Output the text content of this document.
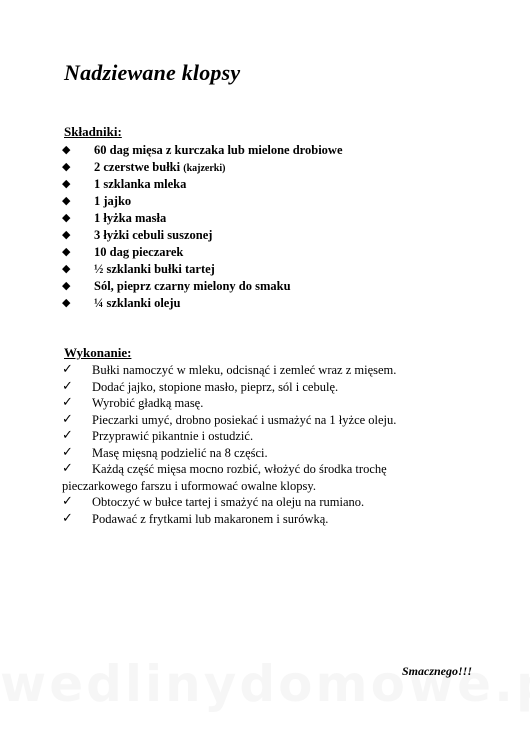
Nadziewane klopsy
Składniki:
◆ 60 dag mięsa z kurczaka lub mielone drobiowe
◆ 2 czerstwe bułki (kajzerki)
◆ 1 szklanka mleka
◆ 1 jajko
◆ 1 łyżka masła
◆ 3 łyżki cebuli suszonej
◆ 10 dag pieczarek
◆ ½ szklanki bułki tartej
◆ Sól, pieprz czarny mielony do smaku
◆ ¼ szklanki oleju
Wykonanie:
✓ Bułki namoczyć w mleku, odcisnąć i zemleć wraz z mięsem.
✓ Dodać jajko, stopione masło, pieprz, sól i cebulę.
✓ Wyrobić gładką masę.
✓ Pieczarki umyć, drobno posiekać i usmażyć na 1 łyżce oleju.
✓ Przyprawić pikantnie i ostudzić.
✓ Masę mięsną podzielić na 8 części.
✓ Każdą część mięsa mocno rozbić, włożyć do środka trochę pieczarkowego farszu i uformować owalne klopsy.
✓ Obtoczyć w bułce tartej i smażyć na oleju na rumiano.
✓ Podawać z frytkami lub makaronem i surówką.
Smacznego!!!
